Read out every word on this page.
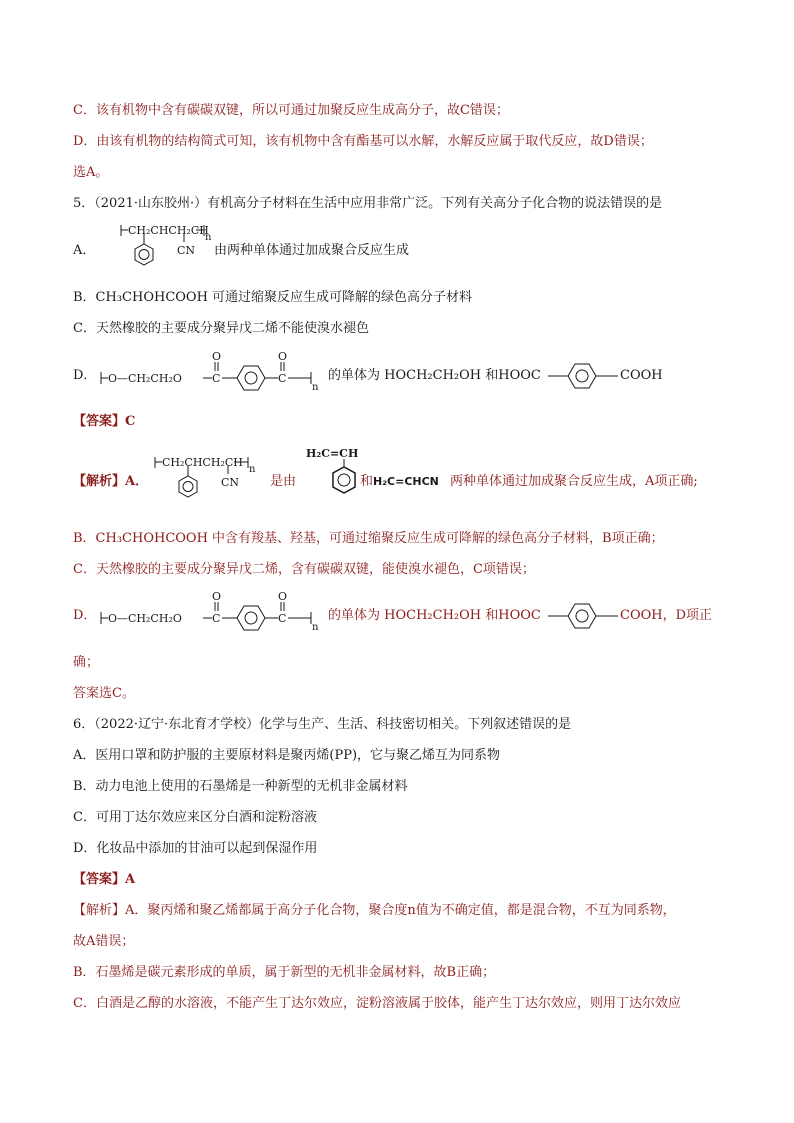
C．该有机物中含有碳碳双键，所以可通过加聚反应生成高分子，故C错误；
D．由该有机物的结构简式可知，该有机物中含有酯基可以水解，水解反应属于取代反应，故D错误；
选A。
5．（2021·山东胶州·）有机高分子材料在生活中应用非常广泛。下列有关高分子化合物的说法错误的是
A．
CH₂CHCH₂CH
n
CN 由两种单体通过加成聚合反应生成
B．CH₃CHOHCOOH 可通过缩聚反应生成可降解的绿色高分子材料
C．天然橡胶的主要成分聚异戊二烯不能使溴水褪色
D． O—CH₂CH₂O	C
O
C
O
n
的单体为 HOCH₂CH₂OH 和HOOC	COOH
【答案】C
【解析】A．
CH₂CHCH₂CH
n
CN 是由
H₂C=CH
和 H₂C=CHCN 两种单体通过加成聚合反应生成，A项正确;
B．CH₃CHOHCOOH 中含有羧基、羟基，可通过缩聚反应生成可降解的绿色高分子材料，B项正确；
C．天然橡胶的主要成分聚异戊二烯，含有碳碳双键，能使溴水褪色，C项错误；
D． O—CH₂CH₂O	C
O
C
O
n
的单体为 HOCH₂CH₂OH 和HOOC	COOH，D项正
确；
答案选C。
6．（2022·辽宁·东北育才学校）化学与生产、生活、科技密切相关。下列叙述错误的是
A．医用口罩和防护服的主要原材料是聚丙烯(PP)，它与聚乙烯互为同系物
B．动力电池上使用的石墨烯是一种新型的无机非金属材料
C．可用丁达尔效应来区分白酒和淀粉溶液
D．化妆品中添加的甘油可以起到保湿作用
【答案】A
【解析】A．聚丙烯和聚乙烯都属于高分子化合物，聚合度n值为不确定值，都是混合物，不互为同系物，
故A错误；
B．石墨烯是碳元素形成的单质，属于新型的无机非金属材料，故B正确；
C．白酒是乙醇的水溶液，不能产生丁达尔效应，淀粉溶液属于胶体，能产生丁达尔效应，则用丁达尔效应
